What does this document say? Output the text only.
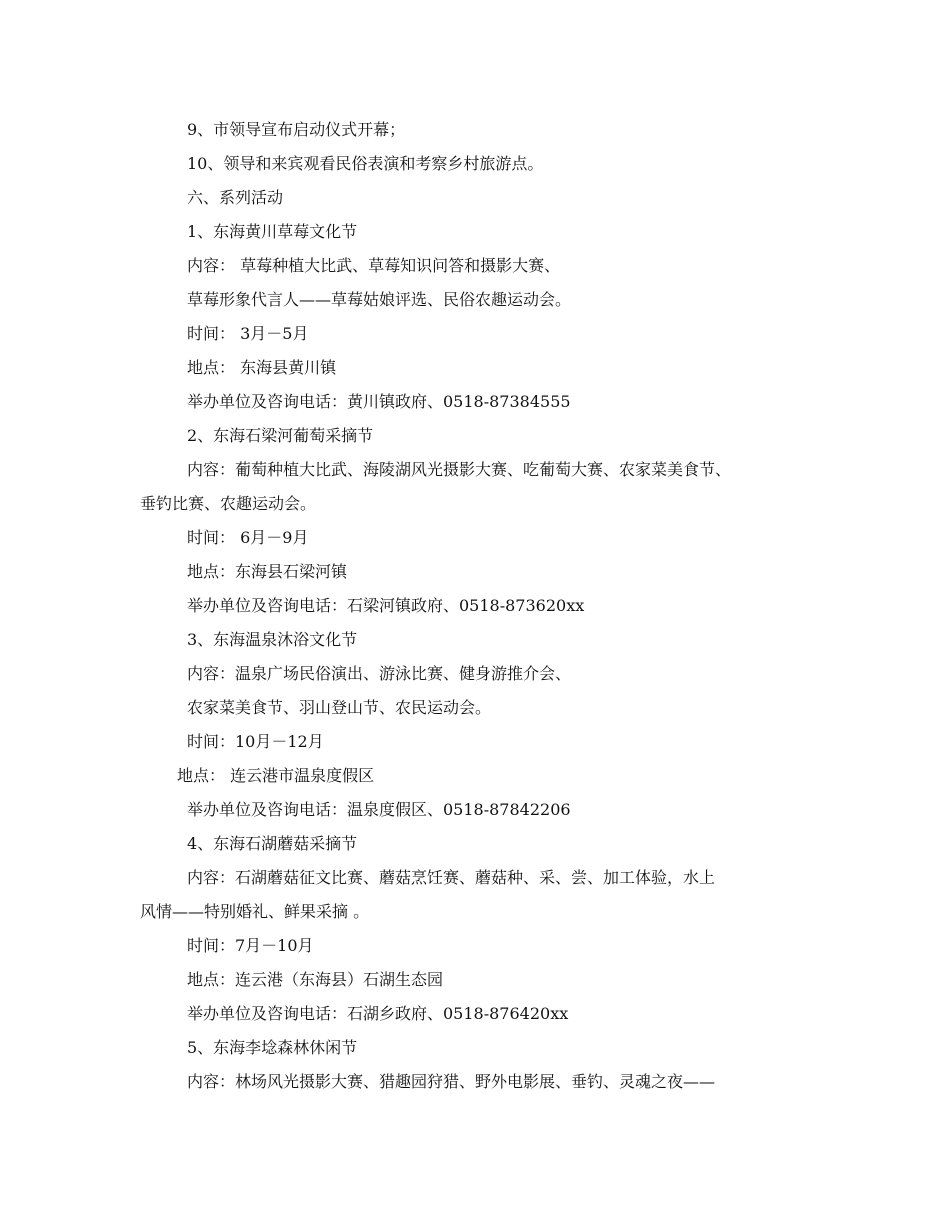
9、市领导宣布启动仪式开幕；
10、领导和来宾观看民俗表演和考察乡村旅游点。
六、系列活动
1、东海黄川草莓文化节
内容： 草莓种植大比武、草莓知识问答和摄影大赛、
草莓形象代言人——草莓姑娘评选、民俗农趣运动会。
时间： 3月－5月
地点： 东海县黄川镇
举办单位及咨询电话：黄川镇政府、0518-87384555
2、东海石梁河葡萄采摘节
内容：葡萄种植大比武、海陵湖风光摄影大赛、吃葡萄大赛、农家菜美食节、
垂钓比赛、农趣运动会。
时间： 6月－9月
地点：东海县石梁河镇
举办单位及咨询电话：石梁河镇政府、0518-873620xx
3、东海温泉沐浴文化节
内容：温泉广场民俗演出、游泳比赛、健身游推介会、
农家菜美食节、羽山登山节、农民运动会。
时间：10月－12月
地点： 连云港市温泉度假区
举办单位及咨询电话：温泉度假区、0518-87842206
4、东海石湖蘑菇采摘节
内容：石湖蘑菇征文比赛、蘑菇烹饪赛、蘑菇种、采、尝、加工体验，水上
风情——特别婚礼、鲜果采摘 。
时间：7月－10月
地点：连云港（东海县）石湖生态园
举办单位及咨询电话：石湖乡政府、0518-876420xx
5、东海李埝森林休闲节
内容：林场风光摄影大赛、猎趣园狩猎、野外电影展、垂钓、灵魂之夜——
